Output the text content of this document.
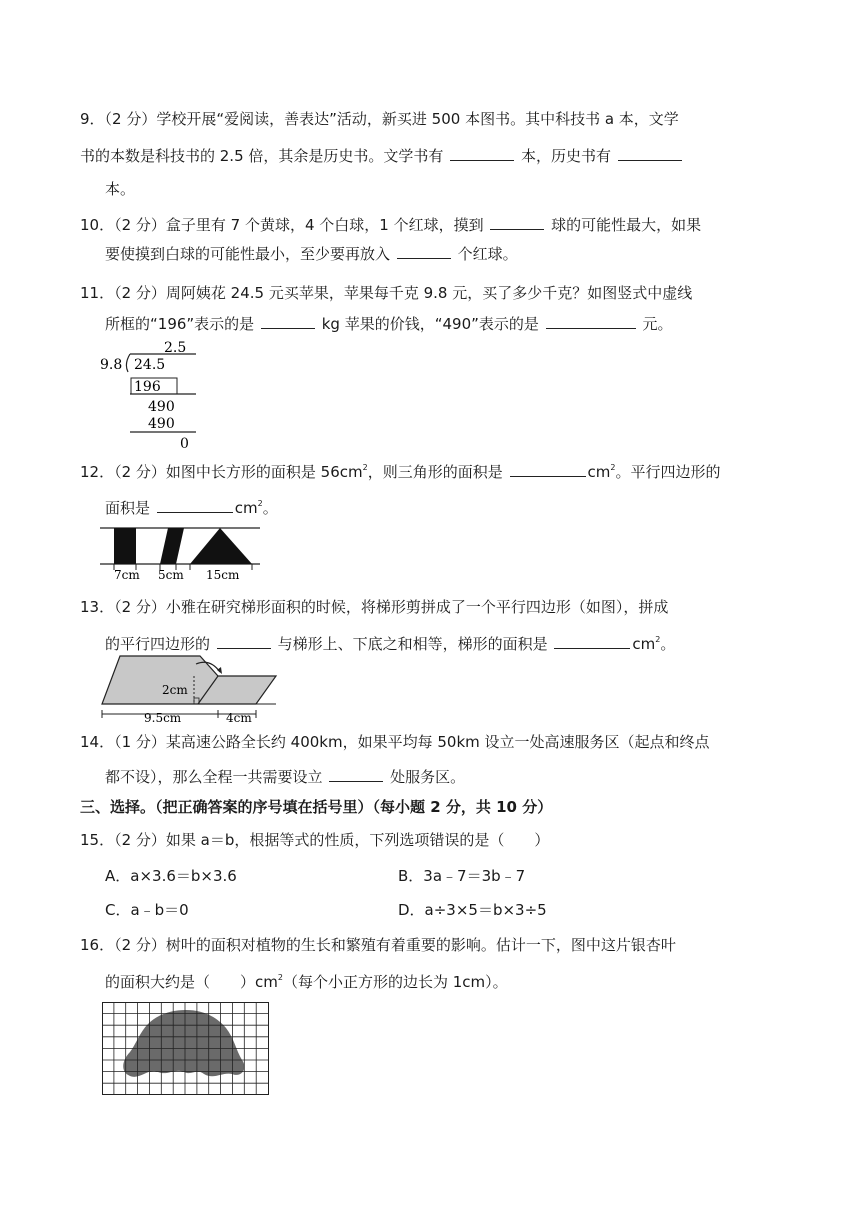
9．（2 分）学校开展“爱阅读，善表达”活动，新买进 500 本图书。其中科技书 a 本，文学
书的本数是科技书的 2.5 倍，其余是历史书。文学书有	本，历史书有
本。
10．（2 分）盒子里有 7 个黄球，4 个白球，1 个红球，摸到	球的可能性最大，如果
要使摸到白球的可能性最小，至少要再放入	个红球。
11．（2 分）周阿姨花 24.5 元买苹果，苹果每千克 9.8 元，买了多少千克？如图竖式中虚线
所框的“196”表示的是	kg 苹果的价钱，“490”表示的是	元。
2.5
9.8 24.5
196
490
490
0
12．（2 分）如图中长方形的面积是 $56cm^2$，则三角形的面积是	$cm^2$。平行四边形的
面积是	$cm^2$。
7cm 5cm 15cm
13．（2 分）小雅在研究梯形面积的时候，将梯形剪拼成了一个平行四边形（如图），拼成
的平行四边形的	与梯形上、下底之和相等，梯形的面积是	$cm^2$。
2cm
9.5cm	4cm
14．（1 分）某高速公路全长约 400km，如果平均每 50km 设立一处高速服务区（起点和终点
都不设），那么全程一共需要设立	处服务区。
三、选择。（把正确答案的序号填在括号里）（每小题 2 分，共 10 分）
15．（2 分）如果 a＝b，根据等式的性质，下列选项错误的是（　　）
A．a×3.6＝b×3.6	B．3a﹣7＝3b﹣7
C．a﹣b＝0	D．a÷3×5＝b×3÷5
16．（2 分）树叶的面积对植物的生长和繁殖有着重要的影响。估计一下，图中这片银杏叶
的面积大约是（　　）$cm^2$（每个小正方形的边长为 1cm）。
